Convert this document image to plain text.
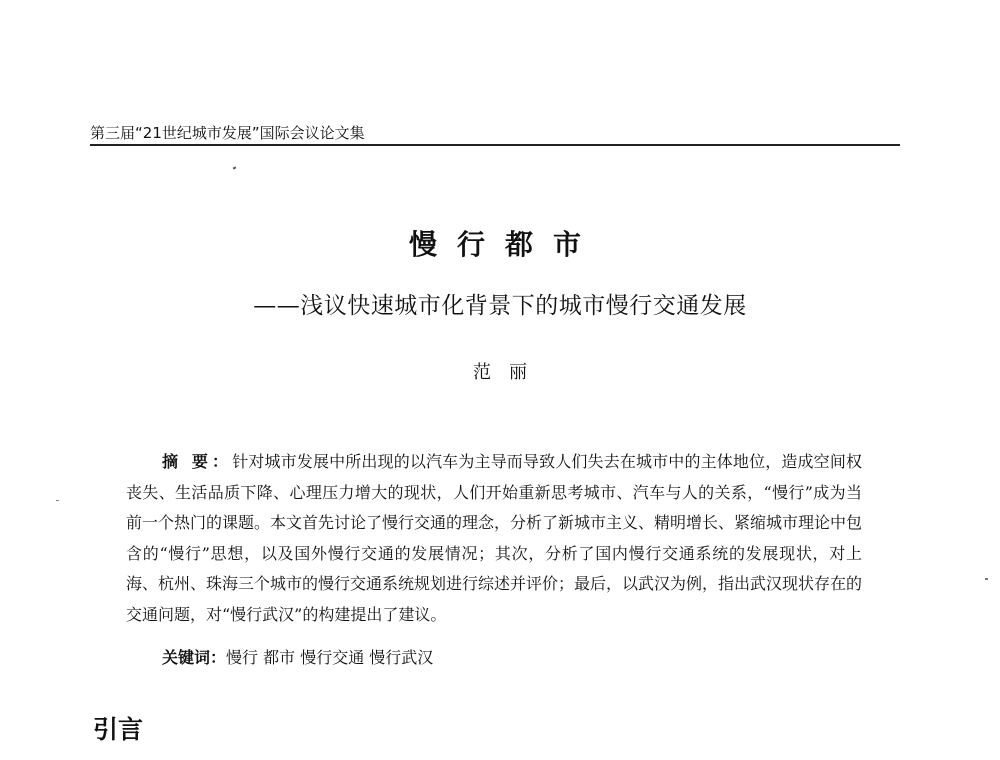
第三届“21世纪城市发展”国际会议论文集
慢行都市
——浅议快速城市化背景下的城市慢行交通发展
范丽
摘 要：针对城市发展中所出现的以汽车为主导而导致人们失去在城市中的主体地位，造成空间权丧失、生活品质下降、心理压力增大的现状，人们开始重新思考城市、汽车与人的关系，“慢行”成为当前一个热门的课题。本文首先讨论了慢行交通的理念，分析了新城市主义、精明增长、紧缩城市理论中包含的“慢行”思想，以及国外慢行交通的发展情况；其次，分析了国内慢行交通系统的发展现状，对上海、杭州、珠海三个城市的慢行交通系统规划进行综述并评价；最后，以武汉为例，指出武汉现状存在的交通问题，对“慢行武汉”的构建提出了建议。
关键词：慢行 都市 慢行交通 慢行武汉
引言
